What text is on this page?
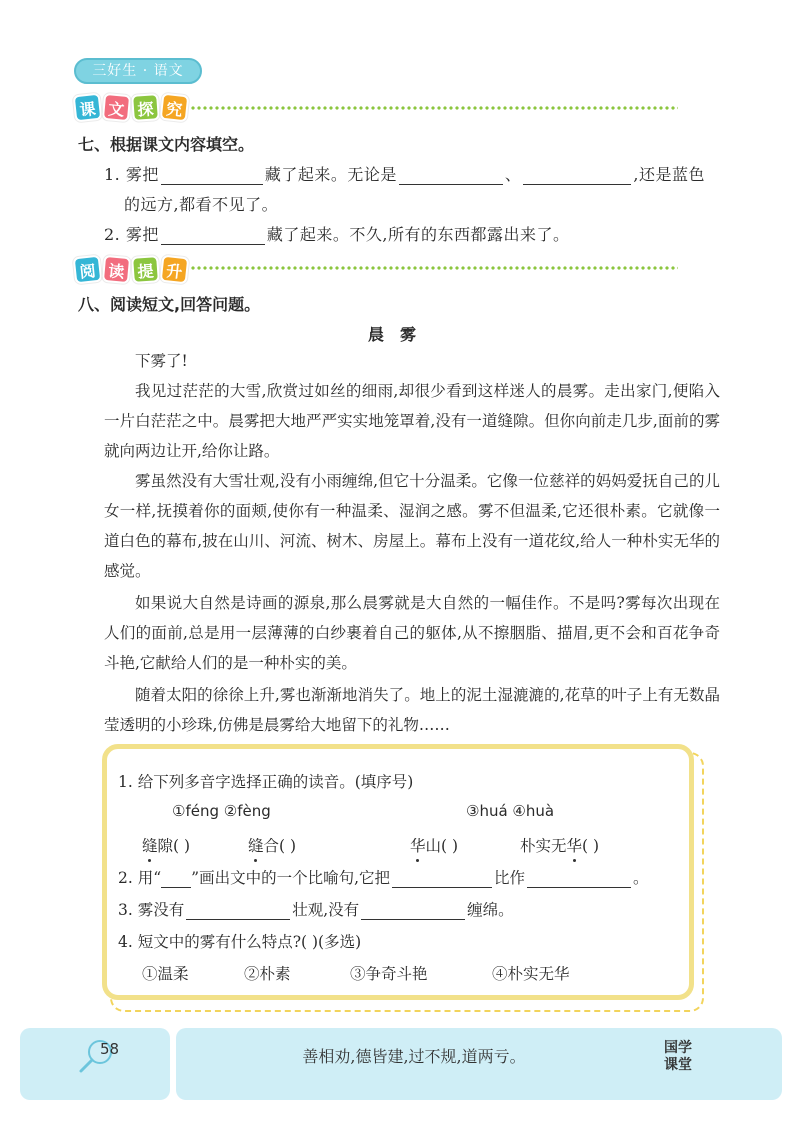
三好生 · 语文
课 文 探 究
七、根据课文内容填空。
1. 雾把	藏了起来。无论是	、	,还是蓝色
的远方,都看不见了。
2. 雾把	藏了起来。不久,所有的东西都露出来了。
阅 读 提 升
八、阅读短文,回答问题。
晨雾
下雾了!
我见过茫茫的大雪,欣赏过如丝的细雨,却很少看到这样迷人的晨雾。走出家门,便陷入一片白茫茫之中。晨雾把大地严严实实地笼罩着,没有一道缝隙。但你向前走几步,面前的雾就向两边让开,给你让路。
雾虽然没有大雪壮观,没有小雨缠绵,但它十分温柔。它像一位慈祥的妈妈爱抚自己的儿女一样,抚摸着你的面颊,使你有一种温柔、湿润之感。雾不但温柔,它还很朴素。它就像一道白色的幕布,披在山川、河流、树木、房屋上。幕布上没有一道花纹,给人一种朴实无华的感觉。
如果说大自然是诗画的源泉,那么晨雾就是大自然的一幅佳作。不是吗?雾每次出现在人们的面前,总是用一层薄薄的白纱裹着自己的躯体,从不擦胭脂、描眉,更不会和百花争奇斗艳,它献给人们的是一种朴实的美。
随着太阳的徐徐上升,雾也渐渐地消失了。地上的泥土湿漉漉的,花草的叶子上有无数晶莹透明的小珍珠,仿佛是晨雾给大地留下的礼物……
1. 给下列多音字选择正确的读音。(填序号)
①féng ②fèng	③huá ④huà
缝隙( )	缝合( )	华山( )	朴实无华( )
2. 用“ ”画出文中的一个比喻句,它把	比作	。
3. 雾没有	壮观,没有	缠绵。
4. 短文中的雾有什么特点?( )(多选)
①温柔	②朴素	③争奇斗艳	④朴实无华
58	善相劝,德皆建,过不规,道两亏。	国学课堂
